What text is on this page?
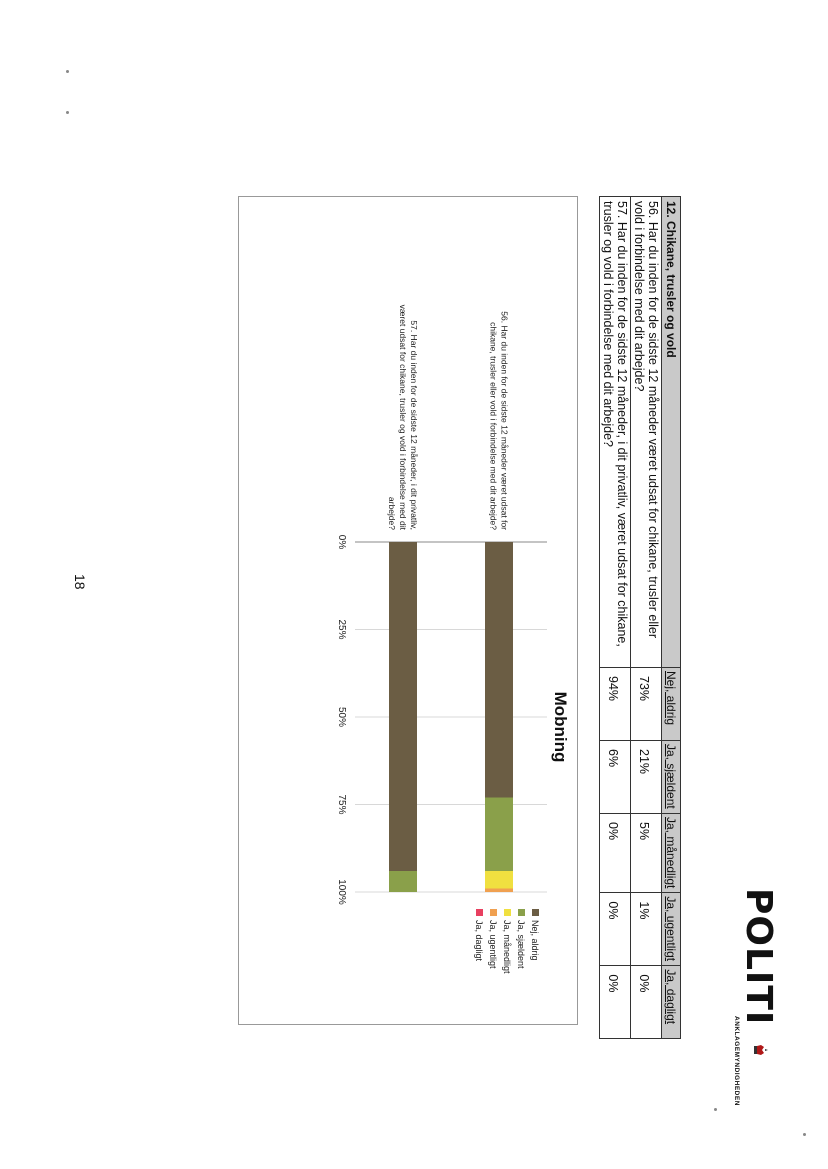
POLITI
ANKLAGEMYNDIGHEDEN
12. Chikane, trusler og vold	Nej, aldrig	Ja, sjældent	Ja, månedligt	Ja, ugentligt	Ja, dagligt
56. Har du inden for de sidste 12 måneder været udsat for chikane, trusler eller vold i forbindelse med dit arbejde?	73%	21%	5%	1%	0%
57. Har du inden for de sidste 12 måneder, i dit privatliv, været udsat for chikane, trusler og vold i forbindelse med dit arbejde?	94%	6%	0%	0%	0%
Mobning
0%
25%
50%
75%
100%
56. Har du inden for de sidste 12 måneder været udsat forchikane, trusler eller vold i forbindelse med dit arbejde?
57. Har du inden for de sidste 12 måneder, i dit privatliv,været udsat for chikane, trusler og vold i forbindelse med ditarbejde?
Nej, aldrig
Ja, sjældent
Ja, månedligt
Ja, ugentligt
Ja, dagligt
18
